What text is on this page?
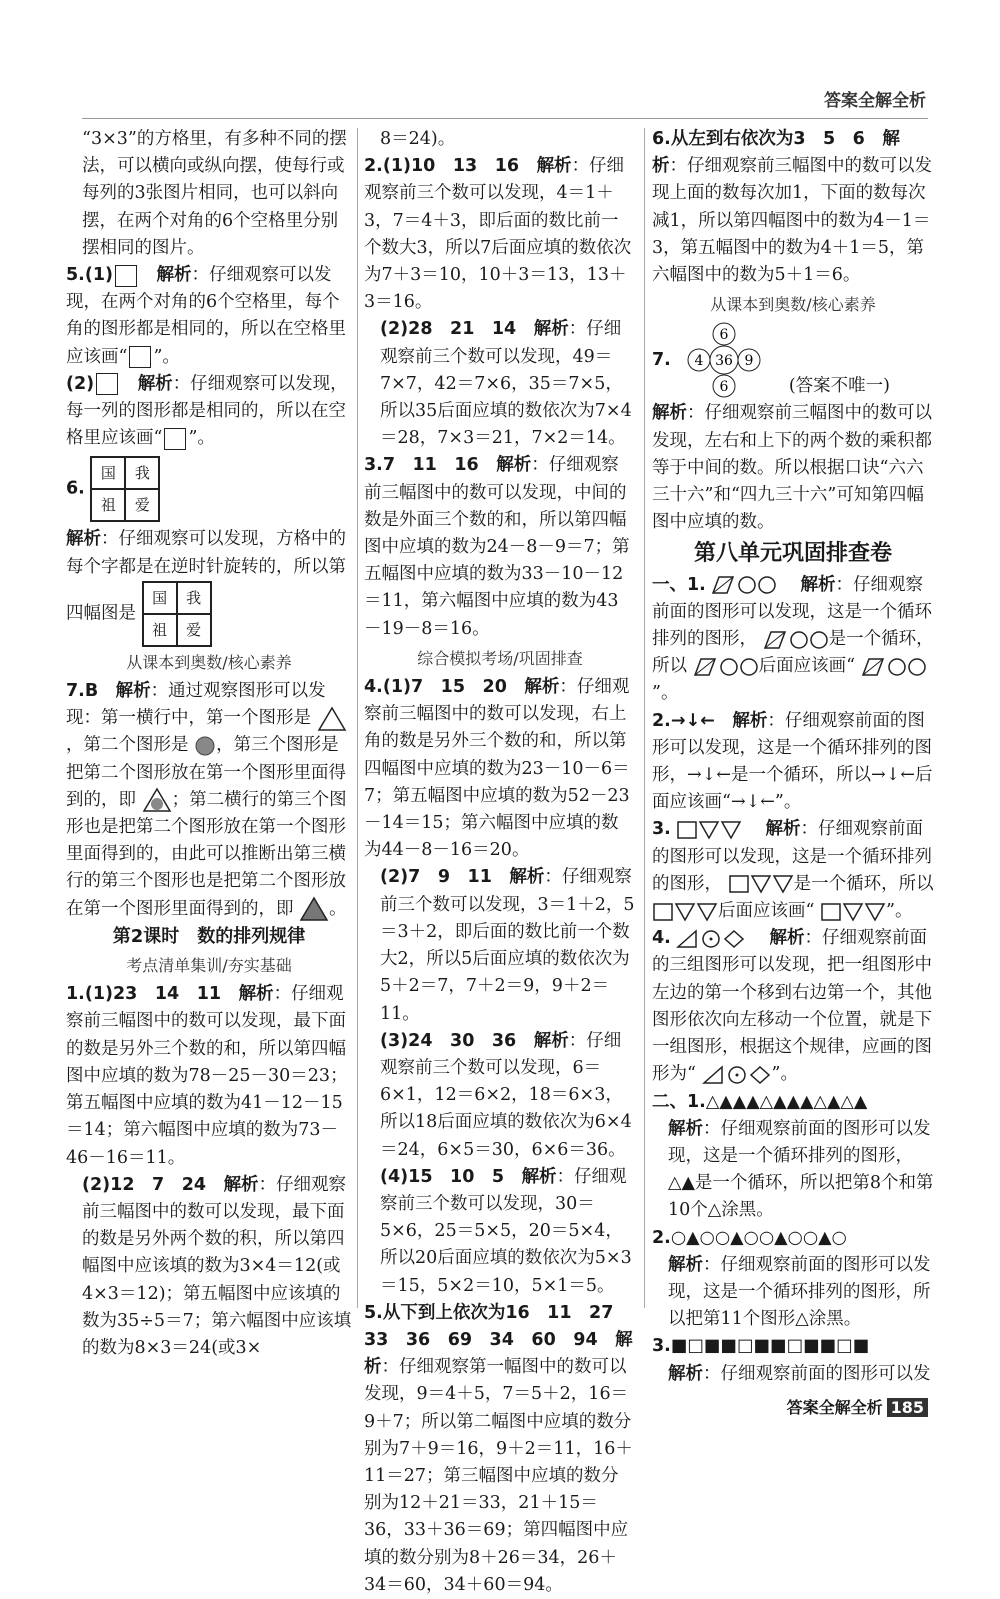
答案全解全析

“3×3”的方格里，有多种不同的摆法，可以横向或纵向摆，使每行或每列的3张图片相同，也可以斜向摆，在两个对角的6个空格里分别摆相同的图片。

5.(1)　 解析：仔细观察可以发现，在两个对角的6个空格里，每个角的图形都是相同的，所以在空格里应该画“ ”。

(2)　 解析：仔细观察可以发现，每一列的图形都是相同的，所以在空格里应该画“ ”。

6.
国	我
祖	爱

解析：仔细观察可以发现，方格中的每个字都是在逆时针旋转的，所以第四幅图是
国	我
祖	爱

从课本到奥数/核心素养

7.B　 解析：通过观察图形可以发现：第一横行中，第一个图形是 ，第二个图形是 ，第三个图形是把第二个图形放在第一个图形里面得到的，即 ；第二横行的第三个图形也是把第二个图形放在第一个图形里面得到的，由此可以推断出第三横行的第三个图形也是把第二个图形放在第一个图形里面得到的，即 。

第2课时　数的排列规律

考点清单集训/夯实基础

1.(1)23　14　11　 解析：仔细观察前三幅图中的数可以发现，最下面的数是另外三个数的和，所以第四幅图中应填的数为78－25－30＝23；第五幅图中应填的数为41－12－15＝14；第六幅图中应填的数为73－46－16＝11。

(2)12　7　24　 解析：仔细观察前三幅图中的数可以发现，最下面的数是另外两个数的积，所以第四幅图中应该填的数为3×4＝12(或4×3＝12)；第五幅图中应该填的数为35÷5＝7；第六幅图中应该填的数为8×3＝24(或3×

8＝24)。

2.(1)10　13　16　 解析：仔细观察前三个数可以发现，4＝1＋3，7＝4＋3，即后面的数比前一个数大3，所以7后面应填的数依次为7＋3＝10，10＋3＝13，13＋3＝16。

(2)28　21　14　 解析：仔细观察前三个数可以发现，49＝7×7，42＝7×6，35＝7×5，所以35后面应填的数依次为7×4＝28，7×3＝21，7×2＝14。

3.7　11　16　 解析：仔细观察前三幅图中的数可以发现，中间的数是外面三个数的和，所以第四幅图中应填的数为24－8－9＝7；第五幅图中应填的数为33－10－12＝11，第六幅图中应填的数为43－19－8＝16。

综合模拟考场/巩固排查

4.(1)7　15　20　 解析：仔细观察前三幅图中的数可以发现，右上角的数是另外三个数的和，所以第四幅图中应填的数为23－10－6＝7；第五幅图中应填的数为52－23－14＝15；第六幅图中应填的数为44－8－16＝20。

(2)7　9　11　 解析：仔细观察前三个数可以发现，3＝1＋2，5＝3＋2，即后面的数比前一个数大2，所以5后面应填的数依次为5＋2＝7，7＋2＝9，9＋2＝11。

(3)24　30　36　 解析：仔细观察前三个数可以发现，6＝6×1，12＝6×2，18＝6×3，所以18后面应填的数依次为6×4＝24，6×5＝30，6×6＝36。

(4)15　10　5　 解析：仔细观察前三个数可以发现，30＝5×6，25＝5×5，20＝5×4，所以20后面应填的数依次为5×3＝15，5×2＝10，5×1＝5。

5.从下到上依次为16　11　27　33　36　69　34　60　94　 解析：仔细观察第一幅图中的数可以发现，9＝4＋5，7＝5＋2，16＝9＋7；所以第二幅图中应填的数分别为7＋9＝16，9＋2＝11，16＋11＝27；第三幅图中应填的数分别为12＋21＝33，21＋15＝36，33＋36＝69；第四幅图中应填的数分别为8＋26＝34，26＋34＝60，34＋60＝94。

6.从左到右依次为3　5　6　 解析：仔细观察前三幅图中的数可以发现上面的数每次加1，下面的数每次减1，所以第四幅图中的数为4－1＝3，第五幅图中的数为4＋1＝5，第六幅图中的数为5＋1＝6。

从课本到奥数/核心素养

7.
6
4 36 9
6	(答案不唯一)

解析：仔细观察前三幅图中的数可以发现，左右和上下的两个数的乘积都等于中间的数。所以根据口诀“六六三十六”和“四九三十六”可知第四幅图中应填的数。

第八单元巩固排查卷

一、1.  　	解析：仔细观察前面的图形可以发现，这是一个循环排列的图形，	是一个循环，所以	后面应该画“ ”。

2.→↓←　 解析：仔细观察前面的图形可以发现，这是一个循环排列的图形，→↓←是一个循环，所以→↓←后面应该画“→↓←”。

3.  　	解析：仔细观察前面的图形可以发现，这是一个循环排列的图形，	是一个循环，所以 后面应该画“	”。

4.  　	解析：仔细观察前面的三组图形可以发现，把一组图形中左边的第一个移到右边第一个，其他图形依次向左移动一个位置，就是下一组图形，根据这个规律，应画的图形为“	”。

二、1.△▲▲▲△▲▲▲△▲△▲

解析：仔细观察前面的图形可以发现，这是一个循环排列的图形，△▲是一个循环，所以把第8个和第10个△涂黑。

2.○▲○○▲○○▲○○▲○

解析：仔细观察前面的图形可以发现，这是一个循环排列的图形，所以把第11个图形△涂黑。

3.■□■■□■■□■■□■

解析：仔细观察前面的图形可以发

答案全解全析 185
